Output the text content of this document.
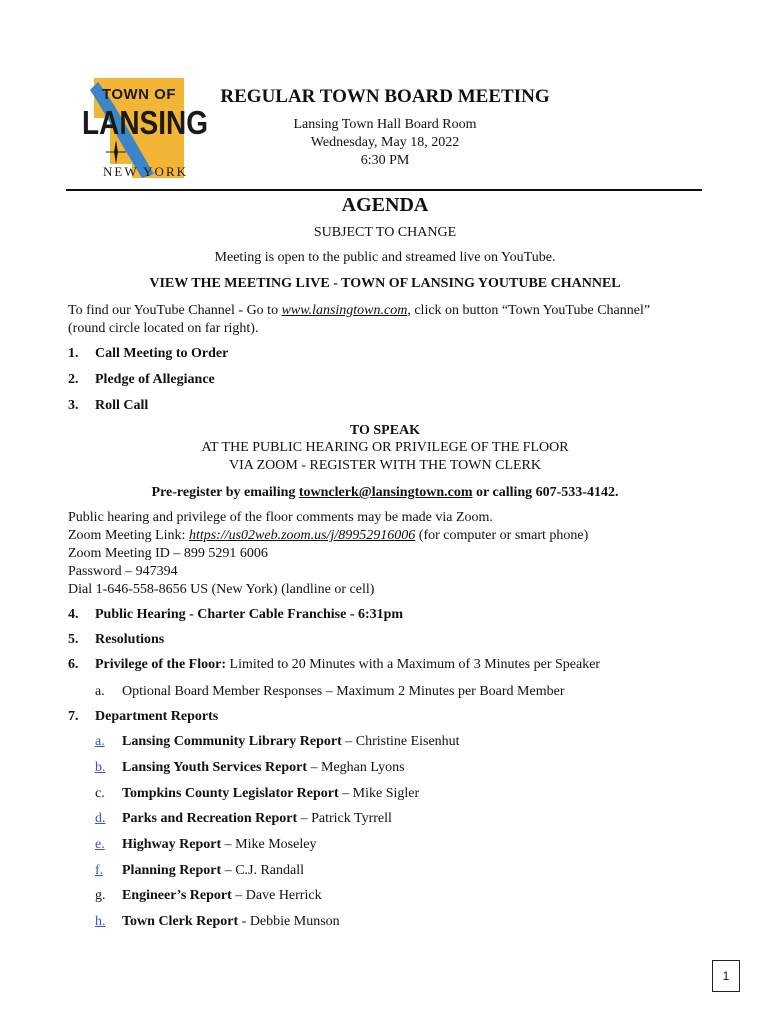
TOWN OF
LANSING
NEW YORK
REGULAR TOWN BOARD MEETING
Lansing Town Hall Board Room
Wednesday, May 18, 2022
6:30 PM
AGENDA
SUBJECT TO CHANGE
Meeting is open to the public and streamed live on YouTube.
VIEW THE MEETING LIVE - TOWN OF LANSING YOUTUBE CHANNEL
To find our YouTube Channel - Go to www.lansingtown.com, click on button “Town YouTube Channel”
(round circle located on far right).
1. Call Meeting to Order
2. Pledge of Allegiance
3. Roll Call
TO SPEAK
AT THE PUBLIC HEARING OR PRIVILEGE OF THE FLOOR
VIA ZOOM - REGISTER WITH THE TOWN CLERK
Pre-register by emailing townclerk@lansingtown.com or calling 607-533-4142.
Public hearing and privilege of the floor comments may be made via Zoom.
Zoom Meeting Link: https://us02web.zoom.us/j/89952916006 (for computer or smart phone)
Zoom Meeting ID – 899 5291 6006
Password – 947394
Dial 1-646-558-8656 US (New York) (landline or cell)
4. Public Hearing - Charter Cable Franchise - 6:31pm
5. Resolutions
6. Privilege of the Floor: Limited to 20 Minutes with a Maximum of 3 Minutes per Speaker
a. Optional Board Member Responses – Maximum 2 Minutes per Board Member
7. Department Reports
a. Lansing Community Library Report – Christine Eisenhut
b. Lansing Youth Services Report – Meghan Lyons
c. Tompkins County Legislator Report – Mike Sigler
d. Parks and Recreation Report – Patrick Tyrrell
e. Highway Report – Mike Moseley
f. Planning Report – C.J. Randall
g. Engineer’s Report – Dave Herrick
h. Town Clerk Report - Debbie Munson
1
